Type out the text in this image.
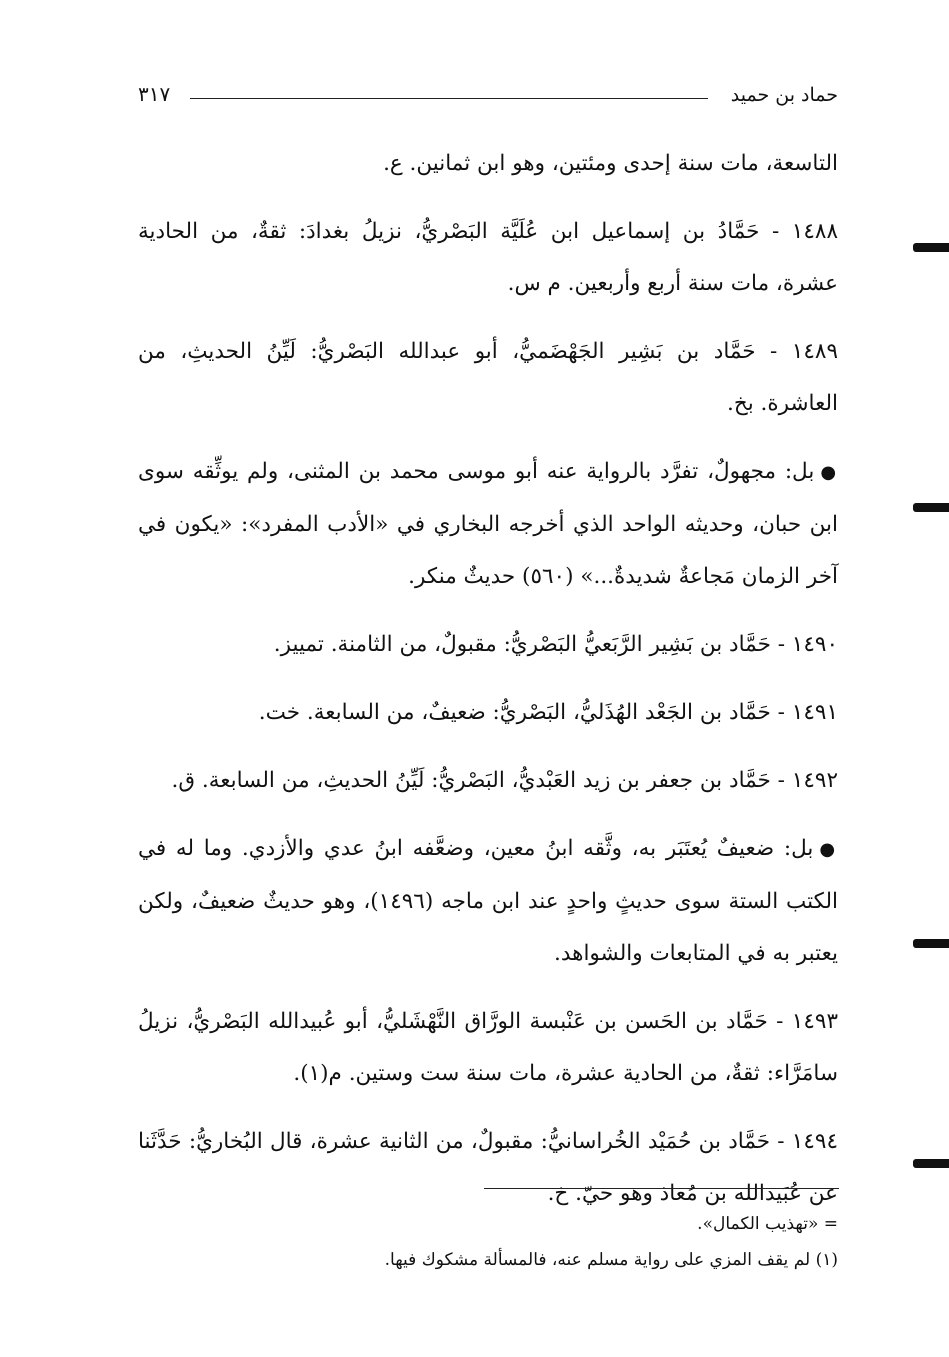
حماد بن حميد
٣١٧

التاسعة، مات سنة إحدى ومئتين، وهو ابن ثمانين. ع.

١٤٨٨ - حَمَّادُ بن إسماعيل ابن عُلَيَّة البَصْريُّ، نزيلُ بغدادَ: ثقةٌ، من الحادية عشرة، مات سنة أربع وأربعين. م س.

١٤٨٩ - حَمَّاد بن بَشِير الجَهْضَميُّ، أبو عبدالله البَصْريُّ: لَيِّنُ الحديثِ، من العاشرة. بخ.

●بل: مجهولٌ، تفرَّد بالرواية عنه أبو موسى محمد بن المثنى، ولم يوثِّقه سوى ابن حبان، وحديثه الواحد الذي أخرجه البخاري في «الأدب المفرد»: «يكون في آخر الزمان مَجاعةٌ شديدةٌ...» (٥٦٠) حديثٌ منكر.

١٤٩٠ - حَمَّاد بن بَشِير الرَّبَعيُّ البَصْريُّ: مقبولٌ، من الثامنة. تمييز.

١٤٩١ - حَمَّاد بن الجَعْد الهُذَليُّ، البَصْريُّ: ضعيفٌ، من السابعة. خت.

١٤٩٢ - حَمَّاد بن جعفر بن زيد العَبْديُّ، البَصْريُّ: لَيِّنُ الحديثِ، من السابعة. ق.

●بل: ضعيفٌ يُعتَبَر به، وثَّقه ابنُ معين، وضعَّفه ابنُ عدي والأزدي. وما له في الكتب الستة سوى حديثٍ واحدٍ عند ابن ماجه (١٤٩٦)، وهو حديثٌ ضعيفٌ، ولكن يعتبر به في المتابعات والشواهد.

١٤٩٣ - حَمَّاد بن الحَسن بن عَنْبسة الورَّاق النَّهْشَليُّ، أبو عُبيدالله البَصْريُّ، نزيلُ سامَرَّاء: ثقةٌ، من الحادية عشرة، مات سنة ست وستين. م(١).

١٤٩٤ - حَمَّاد بن حُمَيْد الخُراسانيُّ: مقبولٌ، من الثانية عشرة، قال البُخاريُّ: حَدَّثَنا عن عُبَيدالله بن مُعاذ وهو حيّ. خ.

= «تهذيب الكمال».

(١) لم يقف المزي على رواية مسلم عنه، فالمسألة مشكوك فيها.
